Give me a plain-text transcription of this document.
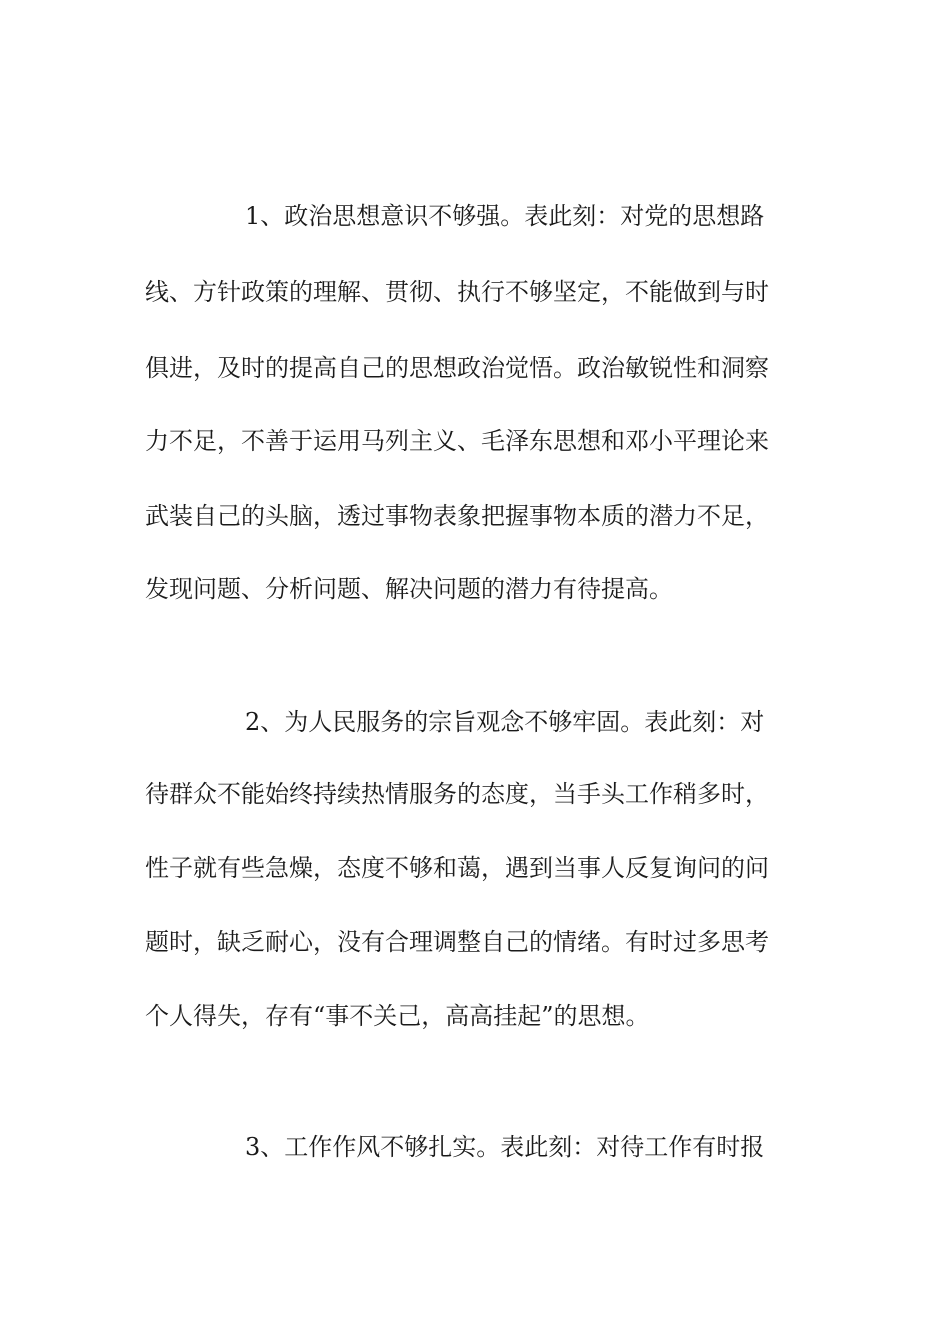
1、政治思想意识不够强。表此刻：对党的思想路
线、方针政策的理解、贯彻、执行不够坚定，不能做到与时
俱进，及时的提高自己的思想政治觉悟。政治敏锐性和洞察
力不足，不善于运用马列主义、毛泽东思想和邓小平理论来
武装自己的头脑，透过事物表象把握事物本质的潜力不足，
发现问题、分析问题、解决问题的潜力有待提高。
2、为人民服务的宗旨观念不够牢固。表此刻：对
待群众不能始终持续热情服务的态度，当手头工作稍多时，
性子就有些急燥，态度不够和蔼，遇到当事人反复询问的问
题时，缺乏耐心，没有合理调整自己的情绪。有时过多思考
个人得失，存有“事不关己，高高挂起”的思想。
3、工作作风不够扎实。表此刻：对待工作有时报
